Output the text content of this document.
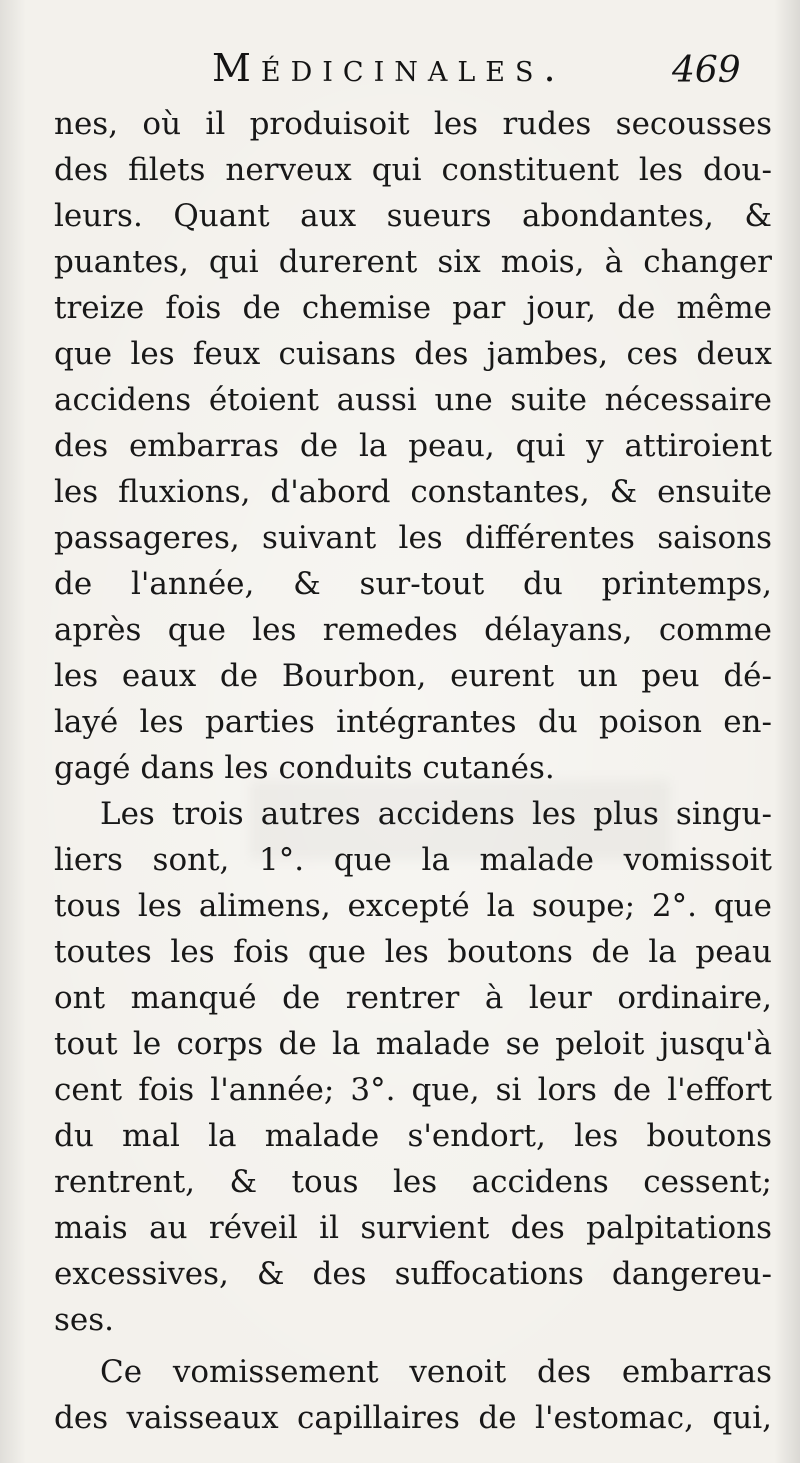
Médicinales.	469
nes, où il produisoit les rudes secousses
des filets nerveux qui constituent les dou-
leurs. Quant aux sueurs abondantes, &
puantes, qui durerent six mois, à changer
treize fois de chemise par jour, de même
que les feux cuisans des jambes, ces deux
accidens étoient aussi une suite nécessaire
des embarras de la peau, qui y attiroient
les fluxions, d'abord constantes, & ensuite
passageres, suivant les différentes saisons
de l'année, & sur-tout du printemps,
après que les remedes délayans, comme
les eaux de Bourbon, eurent un peu dé-
layé les parties intégrantes du poison en-
gagé dans les conduits cutanés.
Les trois autres accidens les plus singu-
liers sont, 1°. que la malade vomissoit
tous les alimens, excepté la soupe; 2°. que
toutes les fois que les boutons de la peau
ont manqué de rentrer à leur ordinaire,
tout le corps de la malade se peloit jusqu'à
cent fois l'année; 3°. que, si lors de l'effort
du mal la malade s'endort, les boutons
rentrent, & tous les accidens cessent;
mais au réveil il survient des palpitations
excessives, & des suffocations dangereu-
ses.
Ce vomissement venoit des embarras
des vaisseaux capillaires de l'estomac, qui,
